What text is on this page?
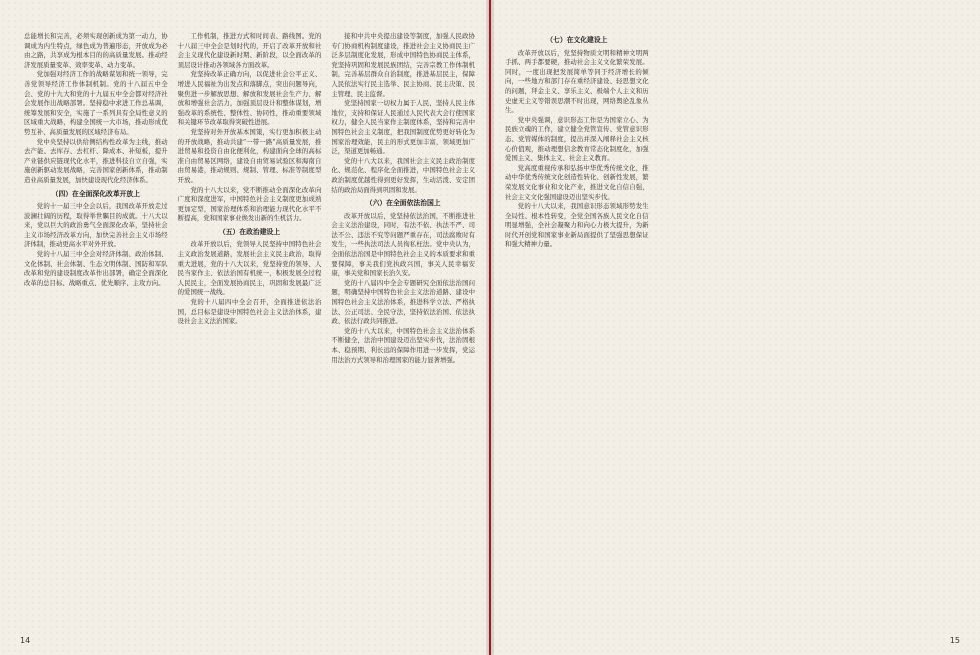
总能增长和完善，必须实现创新成为第一动力，协调成为内生特点，绿色成为普遍形态，开放成为必由之路，共享成为根本目的的高质量发展。推动经济发展质量变革、效率变革、动力变革。

党加强对经济工作的战略谋划和统一领导，完善党领导经济工作体制机制。党的十八届五中全会、党的十九大和党的十九届五中全会都对经济社会发展作出战略部署。坚持稳中求进工作总基调，统筹发展和安全，实施了一系列具有全局性意义的区域重大战略，构建全国统一大市场，推动形成优势互补、高质量发展的区域经济布局。

党中央坚持以供给侧结构性改革为主线，推动去产能、去库存、去杠杆、降成本、补短板，提升产业链供应链现代化水平，推进科技自立自强，实施创新驱动发展战略，完善国家创新体系，推动制造业高质量发展，加快建设现代化经济体系。

（四）在全面深化改革开放上

党的十一届三中全会以后，我国改革开放走过波澜壮阔的历程，取得举世瞩目的成就。十八大以来，党以巨大的政治勇气全面深化改革，坚持社会主义市场经济改革方向，加快完善社会主义市场经济体制，推动更高水平对外开放。

党的十八届三中全会对经济体制、政治体制、文化体制、社会体制、生态文明体制、国防和军队改革和党的建设制度改革作出部署，确定全面深化改革的总目标、战略重点、优先顺序、主攻方向。

工作机制，推进方式和时间表、路线图。党的十八届三中全会是划时代的，开启了改革开放和社会主义现代化建设新时期、新阶段，以全面改革的顶层设计推动各领域各方面改革。

党坚持改革正确方向，以促进社会公平正义、增进人民福祉为出发点和落脚点，突出问题导向，聚焦进一步解放思想、解放和发展社会生产力、解放和增强社会活力，加强顶层设计和整体谋划，增强改革的系统性、整体性、协同性，推动重要领域和关键环节改革取得突破性进展。

党坚持对外开放基本国策，实行更加积极主动的开放战略，推动共建“一带一路”高质量发展，推进贸易和投资自由化便利化，构建面向全球的高标准自由贸易区网络，建设自由贸易试验区和海南自由贸易港，推动规则、规制、管理、标准等制度型开放。

党的十八大以来，党不断推动全面深化改革向广度和深度进军，中国特色社会主义制度更加成熟更加定型，国家治理体系和治理能力现代化水平不断提高，党和国家事业焕发出新的生机活力。

（五）在政治建设上

改革开放以后，党领导人民坚持中国特色社会主义政治发展道路，发展社会主义民主政治，取得重大进展，党的十八大以来，党坚持党的领导、人民当家作主、依法治国有机统一，积极发展全过程人民民主，全面发展协商民主，巩固和发展最广泛的爱国统一战线。

党的十八届四中全会召开，全面推进依法治国，总目标是建设中国特色社会主义法治体系，建设社会主义法治国家。

接和中共中央提出建设等制度，加强人民政协专门协商机构制度建设，推进社会主义协商民主广泛多层制度化发展，形成中国特色协商民主体系，党坚持巩固和发展民族团结，完善宗教工作体制机制，完善基层群众自治制度，推进基层民主，保障人民依法实行民主选举、民主协商、民主决策、民主管理、民主监督。

党坚持国家一切权力属于人民，坚持人民主体地位，支持和保证人民通过人民代表大会行使国家权力，健全人民当家作主制度体系，坚持和完善中国特色社会主义制度，把我国制度优势更好转化为国家治理效能，民主的形式更加丰富，领域更加广泛，渠道更加畅通。

党的十八大以来，我国社会主义民主政治制度化、规范化、程序化全面推进，中国特色社会主义政治制度优越性得到更好发挥，生动活泼、安定团结的政治局面得到巩固和发展。

（六）在全面依法治国上

改革开放以后，党坚持依法治国，不断推进社会主义法治建设，同时，有法不依、执法不严、司法不公、违法不究等问题严重存在，司法腐败时有发生，一些执法司法人员徇私枉法。党中央认为，全面依法治国是中国特色社会主义的本质要求和重要保障，事关我们党执政兴国，事关人民幸福安康，事关党和国家长治久安。

党的十八届四中全会专题研究全面依法治国问题，明确坚持中国特色社会主义法治道路、建设中国特色社会主义法治体系，推进科学立法、严格执法、公正司法、全民守法，坚持依法治国、依法执政、依法行政共同推进。

党的十八大以来，中国特色社会主义法治体系不断健全，法治中国建设迈出坚实步伐，法治固根本、稳预期、利长远的保障作用进一步发挥，党运用法治方式领导和治理国家的能力显著增强。

14
（七）在文化建设上

改革开放以后，党坚持物质文明和精神文明两手抓、两手都要硬，推动社会主义文化繁荣发展。同时，一度出现把发展简单等同于经济增长的倾向，一些地方和部门存在重经济建设、轻思想文化的问题，拜金主义、享乐主义、极端个人主义和历史虚无主义等错误思潮不时出现，网络舆论乱象丛生。

党中央强调，意识形态工作是为国家立心、为民族立魂的工作，建立健全党管宣传、党管意识形态、党管媒体的制度，提出并深入阐释社会主义核心价值观，推动理想信念教育常态化制度化，加强爱国主义、集体主义、社会主义教育。

党高度重视传承和弘扬中华优秀传统文化，推动中华优秀传统文化创造性转化、创新性发展，繁荣发展文化事业和文化产业，推进文化自信自强，社会主义文化强国建设迈出坚实步伐。

党的十八大以来，我国意识形态领域形势发生全局性、根本性转变，全党全国各族人民文化自信明显增强，全社会凝聚力和向心力极大提升，为新时代开创党和国家事业新局面提供了坚强思想保证和强大精神力量。

15
